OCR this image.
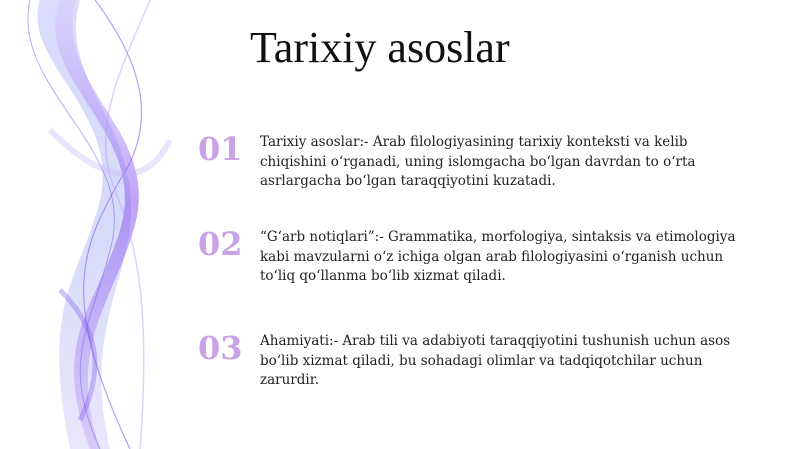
Tarixiy asoslar
01 Tarixiy asoslar:- Arab filologiyasining tarixiy konteksti va kelib chiqishini o‘rganadi, uning islomgacha bo‘lgan davrdan to o‘rta asrlargacha bo‘lgan taraqqiyotini kuzatadi.
02 “G‘arb notiqlari”:- Grammatika, morfologiya, sintaksis va etimologiya kabi mavzularni o‘z ichiga olgan arab filologiyasini o‘rganish uchun to‘liq qo‘llanma bo‘lib xizmat qiladi.
03 Ahamiyati:- Arab tili va adabiyoti taraqqiyotini tushunish uchun asos bo‘lib xizmat qiladi, bu sohadagi olimlar va tadqiqotchilar uchun zarurdir.
